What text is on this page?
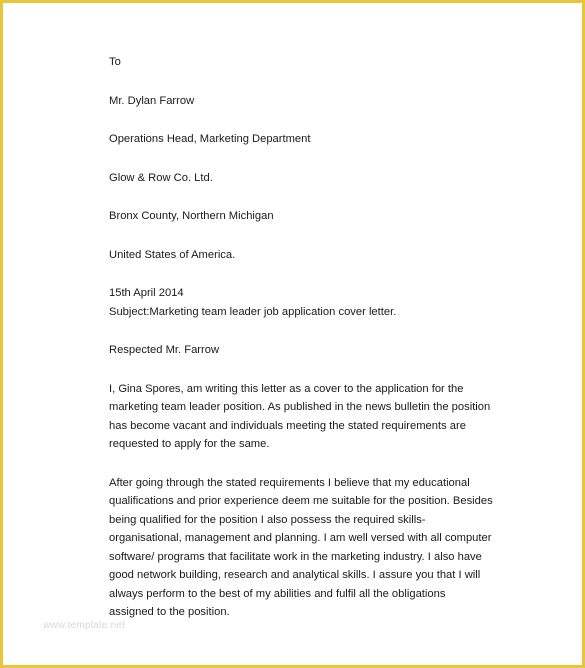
To
Mr. Dylan Farrow
Operations Head, Marketing Department
Glow & Row Co. Ltd.
Bronx County, Northern Michigan
United States of America.
15th April 2014
Subject:Marketing team leader job application cover letter.
Respected Mr. Farrow
I, Gina Spores, am writing this letter as a cover to the application for the
marketing team leader position. As published in the news bulletin the position
has become vacant and individuals meeting the stated requirements are
requested to apply for the same.
After going through the stated requirements I believe that my educational
qualifications and prior experience deem me suitable for the position. Besides
being qualified for the position I also possess the required skills-
organisational, management and planning. I am well versed with all computer
software/ programs that facilitate work in the marketing industry. I also have
good network building, research and analytical skills. I assure you that I will
always perform to the best of my abilities and fulfil all the obligations
assigned to the position.
www.template.net
